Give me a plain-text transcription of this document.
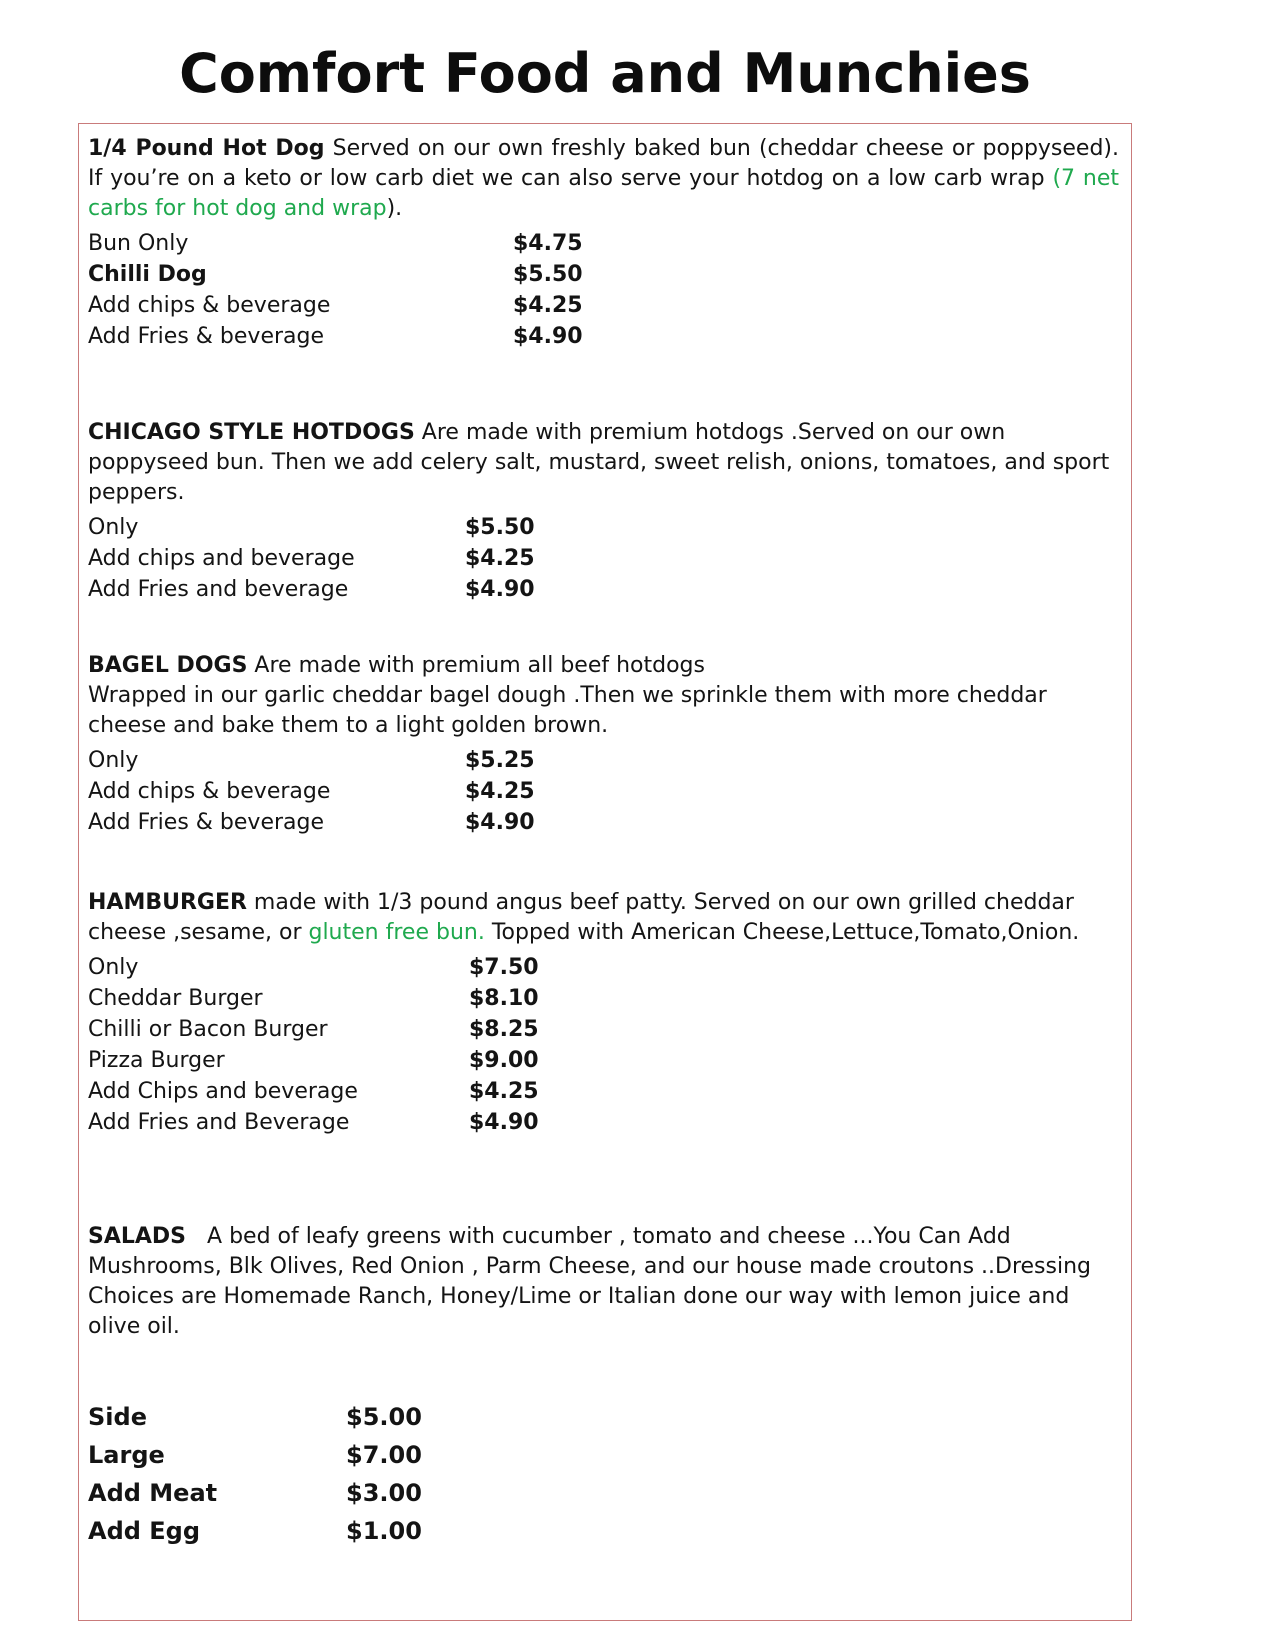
Comfort Food and Munchies

1/4 Pound Hot Dog Served on our own freshly baked bun (cheddar cheese or poppyseed). If you’re on a keto or low carb diet we can also serve your hotdog on a low carb wrap (7 net carbs for hot dog and wrap).

Bun Only	$4.75
Chilli Dog	$5.50
Add chips & beverage	$4.25
Add Fries & beverage	$4.90

CHICAGO STYLE HOTDOGS Are made with premium hotdogs .Served on our own poppyseed bun. Then we add celery salt, mustard, sweet relish, onions, tomatoes, and sport peppers.

Only	$5.50
Add chips and beverage	$4.25
Add Fries and beverage	$4.90

BAGEL DOGS Are made with premium all beef hotdogs
Wrapped in our garlic cheddar bagel dough .Then we sprinkle them with more cheddar cheese and bake them to a light golden brown.

Only	$5.25
Add chips & beverage	$4.25
Add Fries & beverage	$4.90

HAMBURGER made with 1/3 pound angus beef patty. Served on our own grilled cheddar cheese ,sesame, or gluten free bun. Topped with American Cheese,Lettuce,Tomato,Onion.

Only	$7.50
Cheddar Burger	$8.10
Chilli or Bacon Burger	$8.25
Pizza Burger	$9.00
Add Chips and beverage	$4.25
Add Fries and Beverage	$4.90

SALADS   A bed of leafy greens with cucumber , tomato and cheese ...You Can Add Mushrooms, Blk Olives, Red Onion , Parm Cheese, and our house made croutons ..Dressing Choices are Homemade Ranch, Honey/Lime or Italian done our way with lemon juice and olive oil.

Side	$5.00
Large	$7.00
Add Meat	$3.00
Add Egg	$1.00
